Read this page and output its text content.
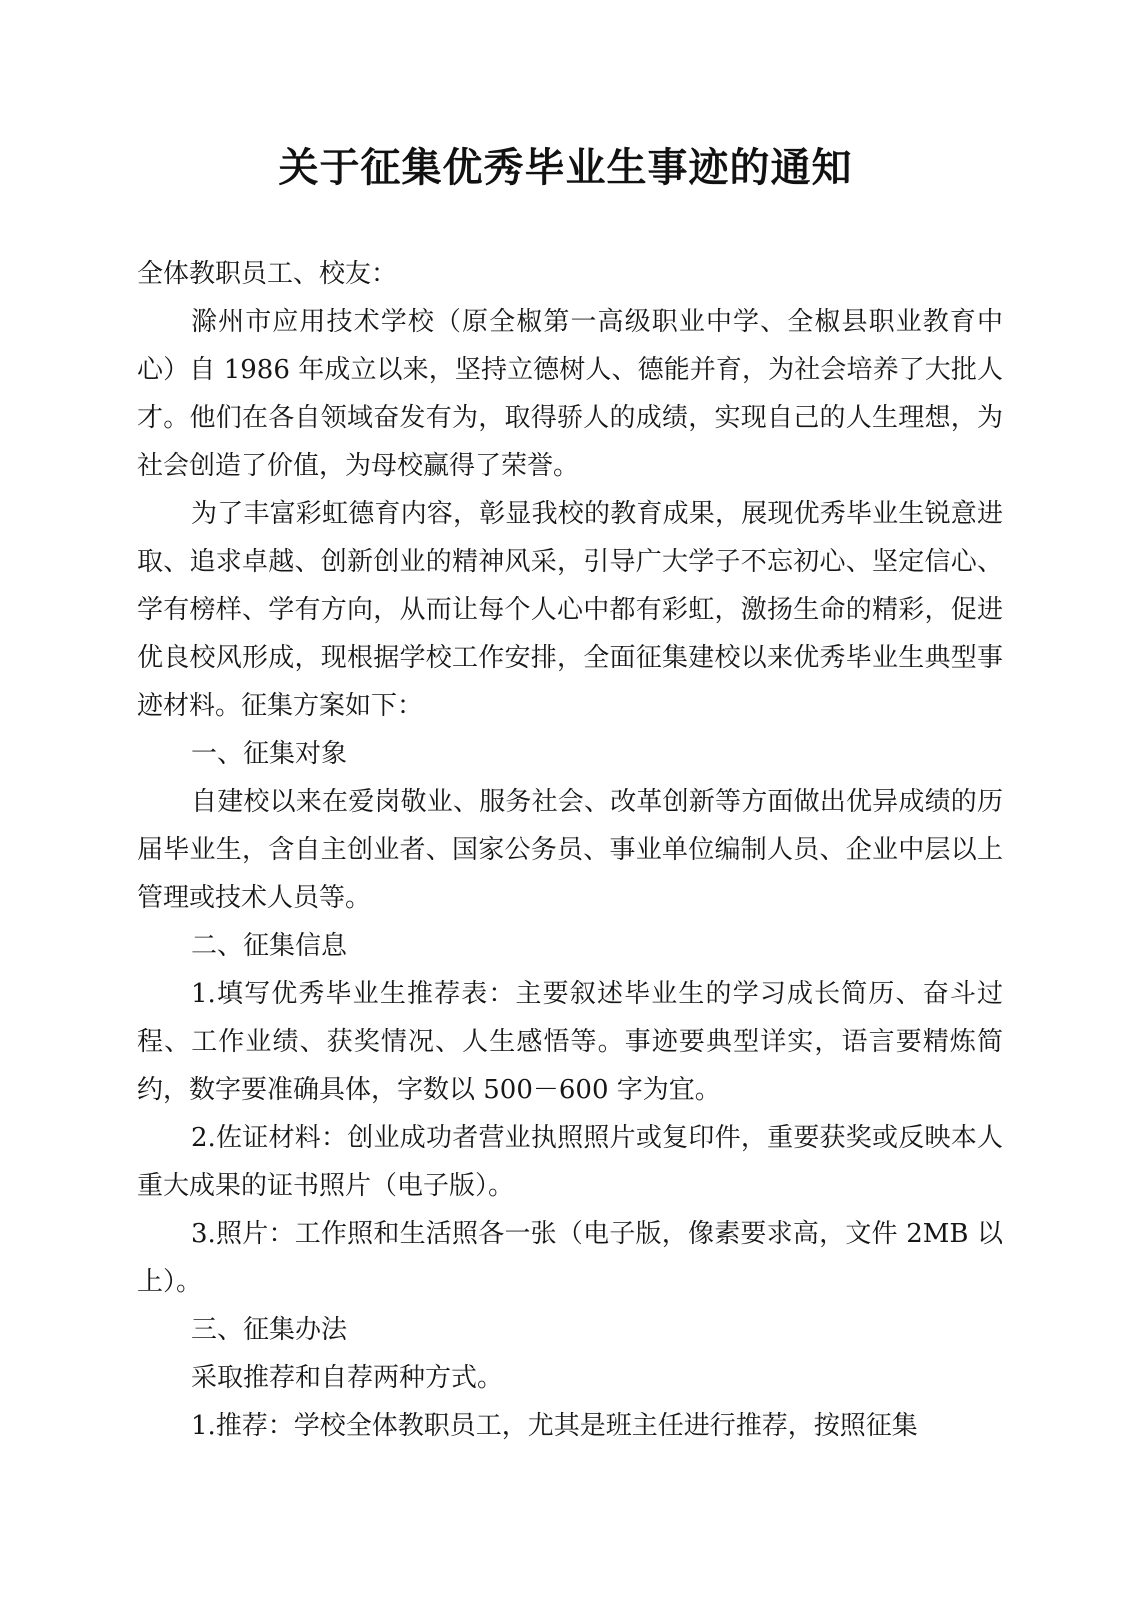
关于征集优秀毕业生事迹的通知

全体教职员工、校友：

滁州市应用技术学校（原全椒第一高级职业中学、全椒县职业教育中心）自 1986 年成立以来，坚持立德树人、德能并育，为社会培养了大批人才。他们在各自领域奋发有为，取得骄人的成绩，实现自己的人生理想，为社会创造了价值，为母校赢得了荣誉。

为了丰富彩虹德育内容，彰显我校的教育成果，展现优秀毕业生锐意进取、追求卓越、创新创业的精神风采，引导广大学子不忘初心、坚定信心、学有榜样、学有方向，从而让每个人心中都有彩虹，激扬生命的精彩，促进优良校风形成，现根据学校工作安排，全面征集建校以来优秀毕业生典型事迹材料。征集方案如下：

一、征集对象

自建校以来在爱岗敬业、服务社会、改革创新等方面做出优异成绩的历届毕业生，含自主创业者、国家公务员、事业单位编制人员、企业中层以上管理或技术人员等。

二、征集信息

1.填写优秀毕业生推荐表：主要叙述毕业生的学习成长简历、奋斗过程、工作业绩、获奖情况、人生感悟等。事迹要典型详实，语言要精炼简约，数字要准确具体，字数以 500－600 字为宜。

2.佐证材料：创业成功者营业执照照片或复印件，重要获奖或反映本人重大成果的证书照片（电子版）。

3.照片：工作照和生活照各一张（电子版，像素要求高，文件 2MB 以上）。

三、征集办法

采取推荐和自荐两种方式。

1.推荐：学校全体教职员工，尤其是班主任进行推荐，按照征集
